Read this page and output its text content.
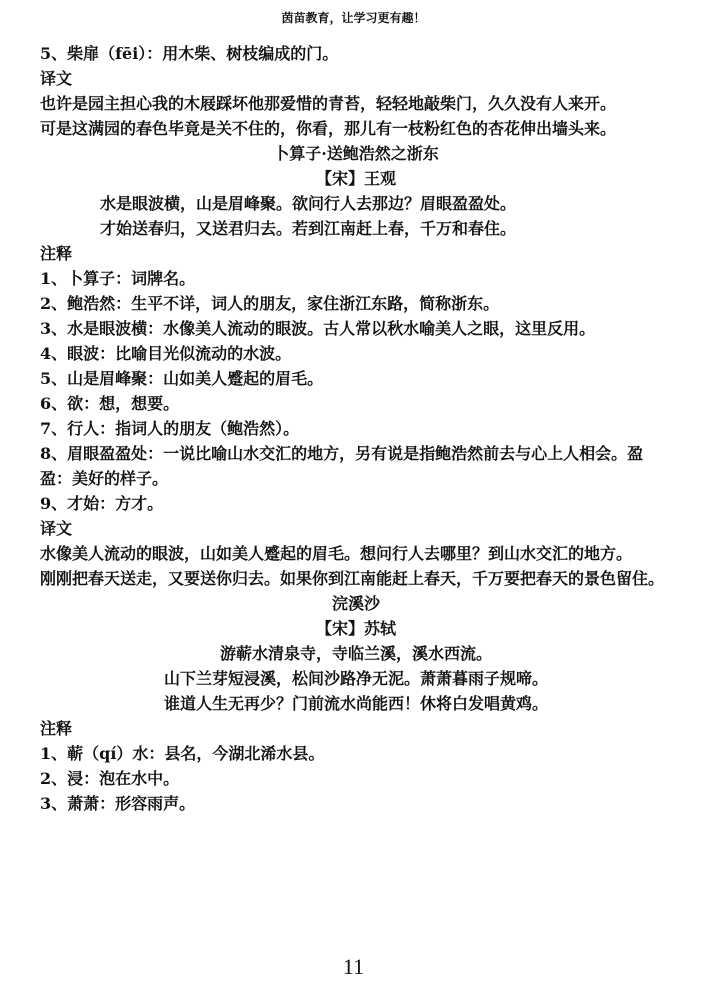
茵苗教育，让学习更有趣！
5、柴扉（fēi）：用木柴、树枝编成的门。
译文
也许是园主担心我的木屐踩坏他那爱惜的青苔，轻轻地敲柴门，久久没有人来开。
可是这满园的春色毕竟是关不住的，你看，那儿有一枝粉红色的杏花伸出墙头来。
卜算子·送鲍浩然之浙东
【宋】王观
水是眼波横，山是眉峰聚。欲问行人去那边？眉眼盈盈处。
才始送春归，又送君归去。若到江南赶上春，千万和春住。
注释
1、卜算子：词牌名。
2、鲍浩然：生平不详，词人的朋友，家住浙江东路，简称浙东。
3、水是眼波横：水像美人流动的眼波。古人常以秋水喻美人之眼，这里反用。
4、眼波：比喻目光似流动的水波。
5、山是眉峰聚：山如美人蹙起的眉毛。
6、欲：想，想要。
7、行人：指词人的朋友（鲍浩然）。
8、眉眼盈盈处：一说比喻山水交汇的地方，另有说是指鲍浩然前去与心上人相会。盈盈：美好的样子。
9、才始：方才。
译文
水像美人流动的眼波，山如美人蹙起的眉毛。想问行人去哪里？到山水交汇的地方。
刚刚把春天送走，又要送你归去。如果你到江南能赶上春天，千万要把春天的景色留住。
浣溪沙
【宋】苏轼
游蕲水清泉寺，寺临兰溪，溪水西流。
山下兰芽短浸溪，松间沙路净无泥。萧萧暮雨子规啼。
谁道人生无再少？门前流水尚能西！休将白发唱黄鸡。
注释
1、蕲（qí）水：县名，今湖北浠水县。
2、浸：泡在水中。
3、萧萧：形容雨声。
11
